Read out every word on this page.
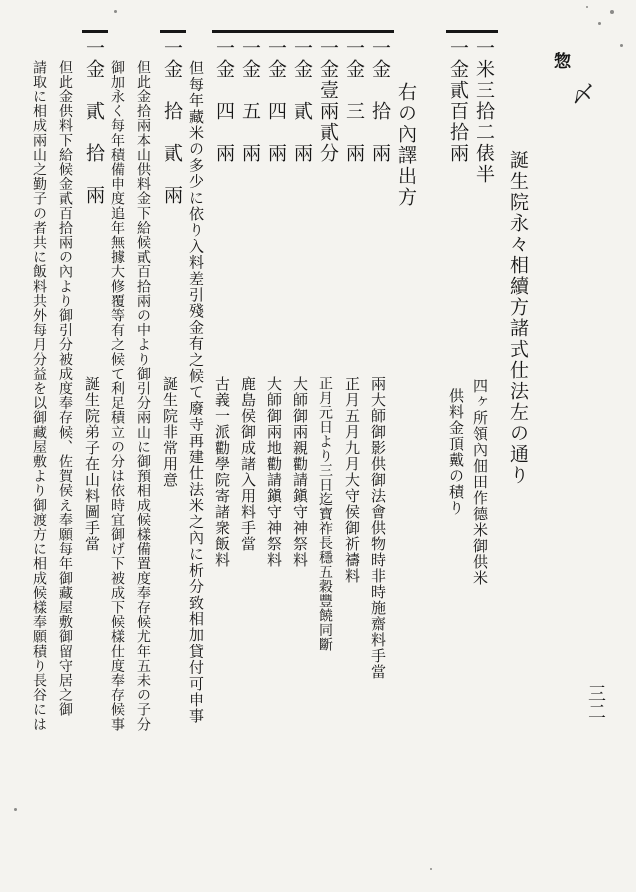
惣
〆
三二
誕生院永々相續方諸式仕法左の通り
一米三拾二俵半
四ヶ所領內佃田作德米御供米
一金貳百拾兩
供料金頂戴の積り
右の內譯出方
一金　拾　兩
兩大師御影供御法會供物時非時施齋料手當
一金　三　兩
正月五月九月大守侯御祈禱料
一金壹兩貳分
正月元日より三日迄寶祚長穩五穀豐饒同斷
一金　貳　兩
大師御兩親勸請鎭守神祭料
一金　四　兩
大師御兩地勸請鎭守神祭料
一金　五　兩
鹿島侯御成諸入用料手當
一金　四　兩
古義一派勸學院寄諸衆飯料
但每年藏米の多少に依り入料差引殘金有之候て廢寺再建仕法米之內に析分致相加貸付可申事
一金　拾　貳　兩
誕生院非常用意
但此金拾兩本山供料金下給候貳百拾兩の中より御引分兩山に御預相成候樣備置度奉存候尤年五未の子分
御加永く每年積備申度追年無據大修覆等有之候て利足積立の分は依時宜御げ下被成下候樣仕度奉存候事
一金　貳　拾　兩
誕生院弟子在山料圖手當
但此金供料下給候金貳百拾兩の內より御引分被成度奉存候、佐賀侯え奉願每年御藏屋敷御留守居之御
請取に相成兩山之勤子の者共に飯料共外每月分益を以御藏屋敷より御渡方に相成候樣奉願積り長谷には
